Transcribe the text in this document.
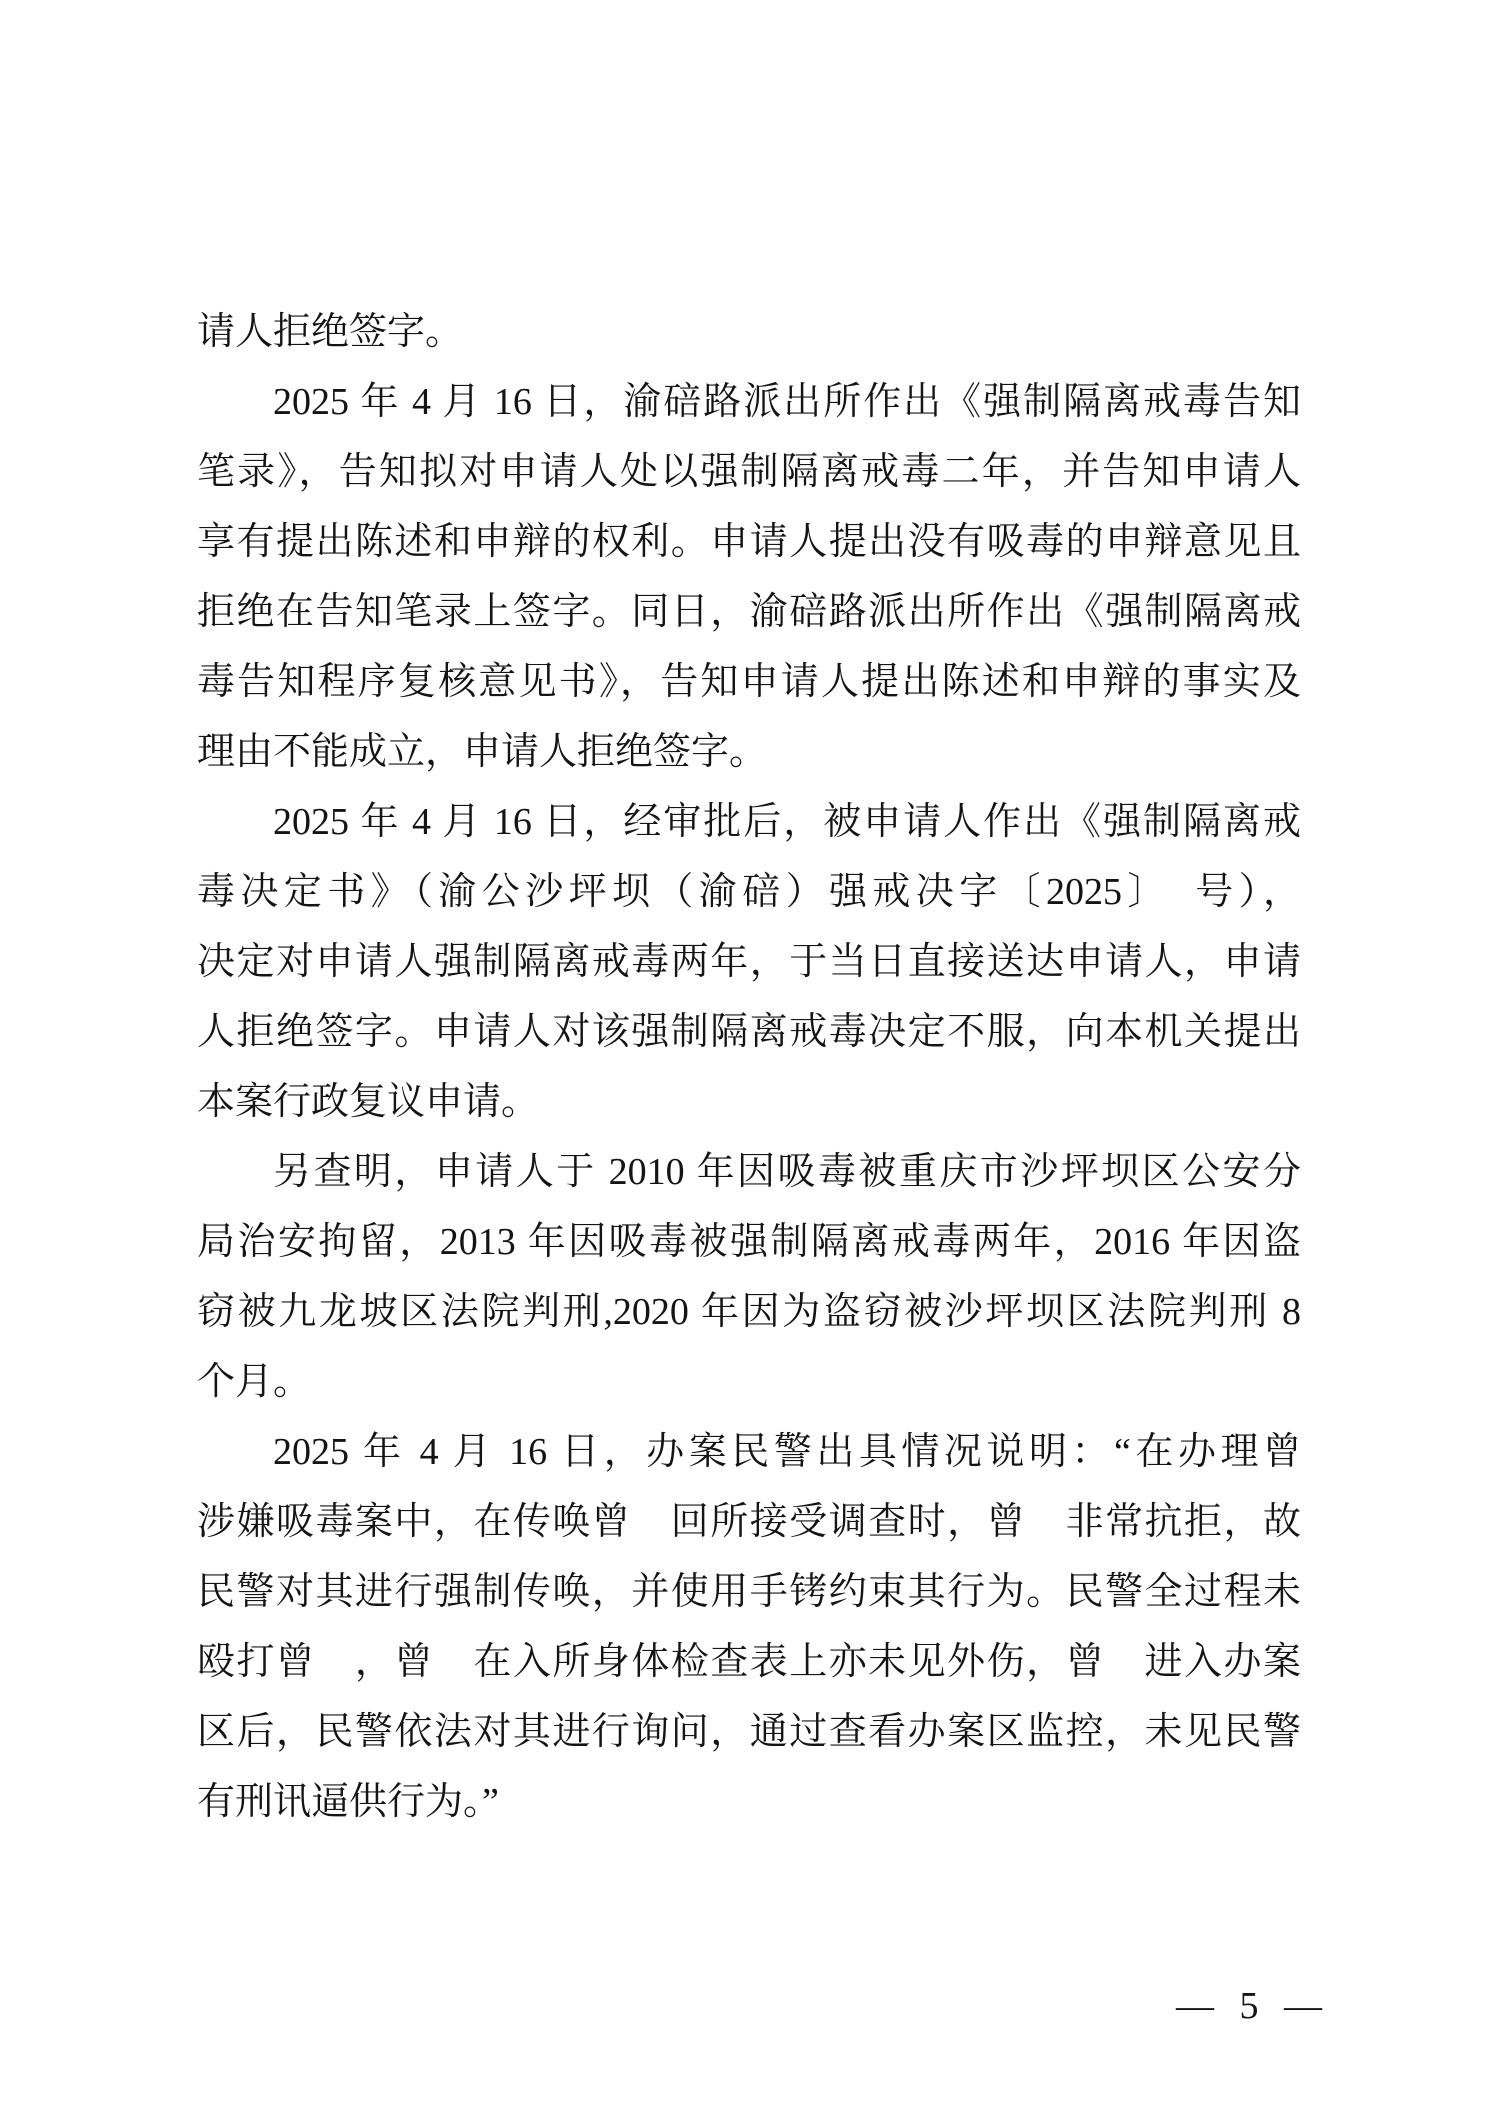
请人拒绝签字。

2025 年 4 月 16 日，渝碚路派出所作出《强制隔离戒毒告知

笔录》，告知拟对申请人处以强制隔离戒毒二年，并告知申请人

享有提出陈述和申辩的权利。申请人提出没有吸毒的申辩意见且

拒绝在告知笔录上签字。同日，渝碚路派出所作出《强制隔离戒

毒告知程序复核意见书》，告知申请人提出陈述和申辩的事实及

理由不能成立，申请人拒绝签字。

2025 年 4 月 16 日，经审批后，被申请人作出《强制隔离戒

毒决定书》（渝公沙坪坝（渝碚）强戒决字〔2025〕　号），

决定对申请人强制隔离戒毒两年，于当日直接送达申请人，申请

人拒绝签字。申请人对该强制隔离戒毒决定不服，向本机关提出

本案行政复议申请。

另查明，申请人于 2010 年因吸毒被重庆市沙坪坝区公安分

局治安拘留，2013 年因吸毒被强制隔离戒毒两年，2016 年因盗

窃被九龙坡区法院判刑,2020 年因为盗窃被沙坪坝区法院判刑 8

个月。

2025 年 4 月 16 日，办案民警出具情况说明：“在办理曾

涉嫌吸毒案中，在传唤曾　回所接受调查时，曾　非常抗拒，故

民警对其进行强制传唤，并使用手铐约束其行为。民警全过程未

殴打曾　，曾　在入所身体检查表上亦未见外伤，曾　进入办案

区后，民警依法对其进行询问，通过查看办案区监控，未见民警

有刑讯逼供行为。”

— 5 —
